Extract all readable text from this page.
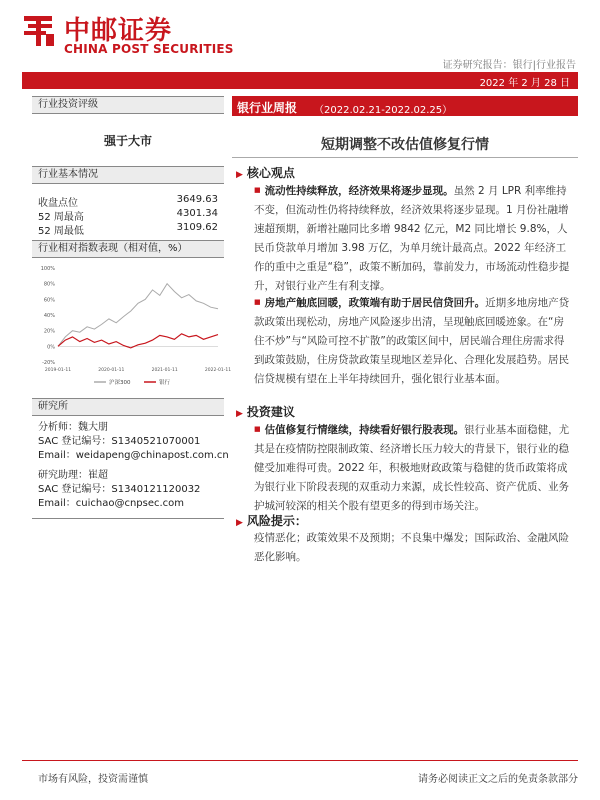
中邮证券
CHINA POST SECURITIES
证券研究报告：银行|行业报告
2022 年 2 月 28 日
行业投资评级
强于大市
行业基本情况
收盘点位	3649.63
52 周最高	4301.34
52 周最低	3109.62
行业相对指数表现（相对值，%）
100%
80%
60%
40%
20%
0%
-20%
2019-01-11	2020-01-11	2021-01-11	2022-01-11
沪深300	银行
研究所
分析师：魏大朋
SAC 登记编号：S1340521070001
Email：weidapeng@chinapost.com.cn
研究助理：崔超
SAC 登记编号：S1340121120032
Email：cuichao@cnpsec.com
银行业周报 （2022.02.21-2022.02.25）
短期调整不改估值修复行情
▶ 核心观点
■ 流动性持续释放，经济效果将逐步显现。虽然 2 月 LPR 利率维持不变，但流动性仍将持续释放，经济效果将逐步显现。1 月份社融增速超预期，新增社融同比多增 9842 亿元，M2 同比增长 9.8%，人民币贷款单月增加 3.98 万亿，为单月统计最高点。2022 年经济工作的重中之重是“稳”，政策不断加码，靠前发力，市场流动性稳步提升，对银行业产生有利支撑。
■ 房地产触底回暖，政策端有助于居民信贷回升。近期多地房地产贷款政策出现松动，房地产风险逐步出清，呈现触底回暖迹象。在“房住不炒”与“风险可控不扩散”的政策区间中，居民端合理住房需求得到政策鼓励，住房贷款政策呈现地区差异化、合理化发展趋势。居民信贷规模有望在上半年持续回升，强化银行业基本面。
▶ 投资建议
■ 估值修复行情继续，持续看好银行股表现。银行业基本面稳健，尤其是在疫情防控限制政策、经济增长压力较大的背景下，银行业的稳健受加难得可贵。2022 年，积极地财政政策与稳健的货币政策将成为银行业下阶段表现的双重动力来源，成长性较高、资产优质、业务护城河较深的相关个股有望更多的得到市场关注。
▶ 风险提示：
疫情恶化；政策效果不及预期；不良集中爆发；国际政治、金融风险恶化影响。
市场有风险，投资需谨慎	请务必阅读正文之后的免责条款部分
